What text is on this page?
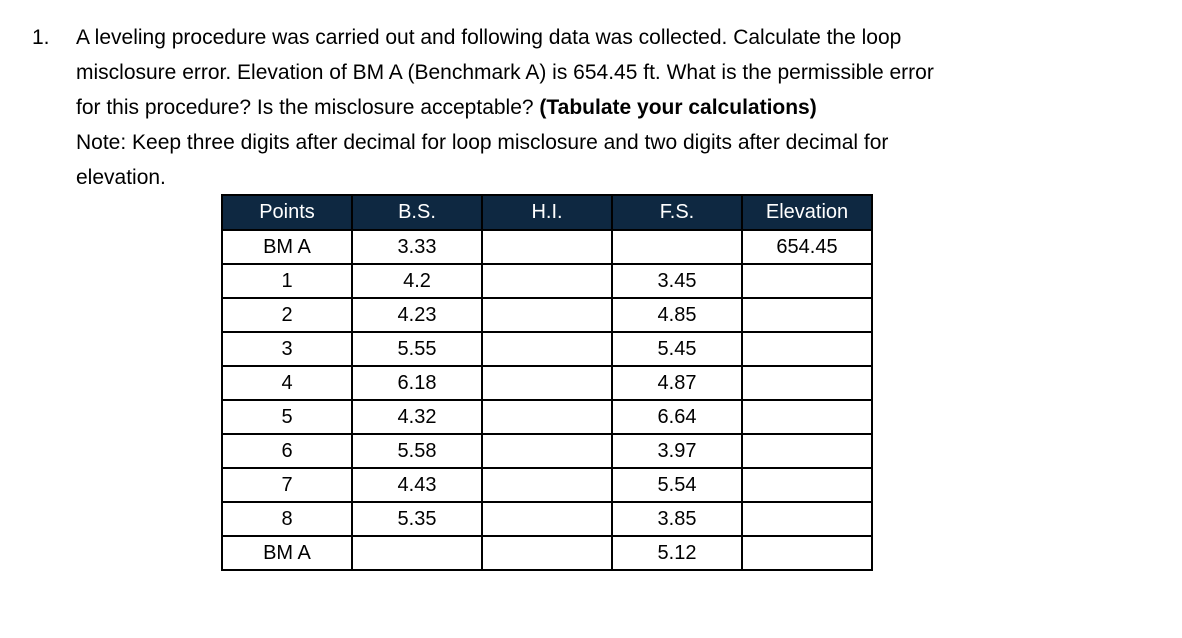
1. A leveling procedure was carried out and following data was collected. Calculate the loop
misclosure error. Elevation of BM A (Benchmark A) is 654.45 ft. What is the permissible error
for this procedure? Is the misclosure acceptable? (Tabulate your calculations)
Note: Keep three digits after decimal for loop misclosure and two digits after decimal for
elevation.
Points	B.S.	H.I.	F.S.	Elevation
BM A	3.33			654.45
1	4.2		3.45	
2	4.23		4.85	
3	5.55		5.45	
4	6.18		4.87	
5	4.32		6.64	
6	5.58		3.97	
7	4.43		5.54	
8	5.35		3.85	
BM A			5.12	
